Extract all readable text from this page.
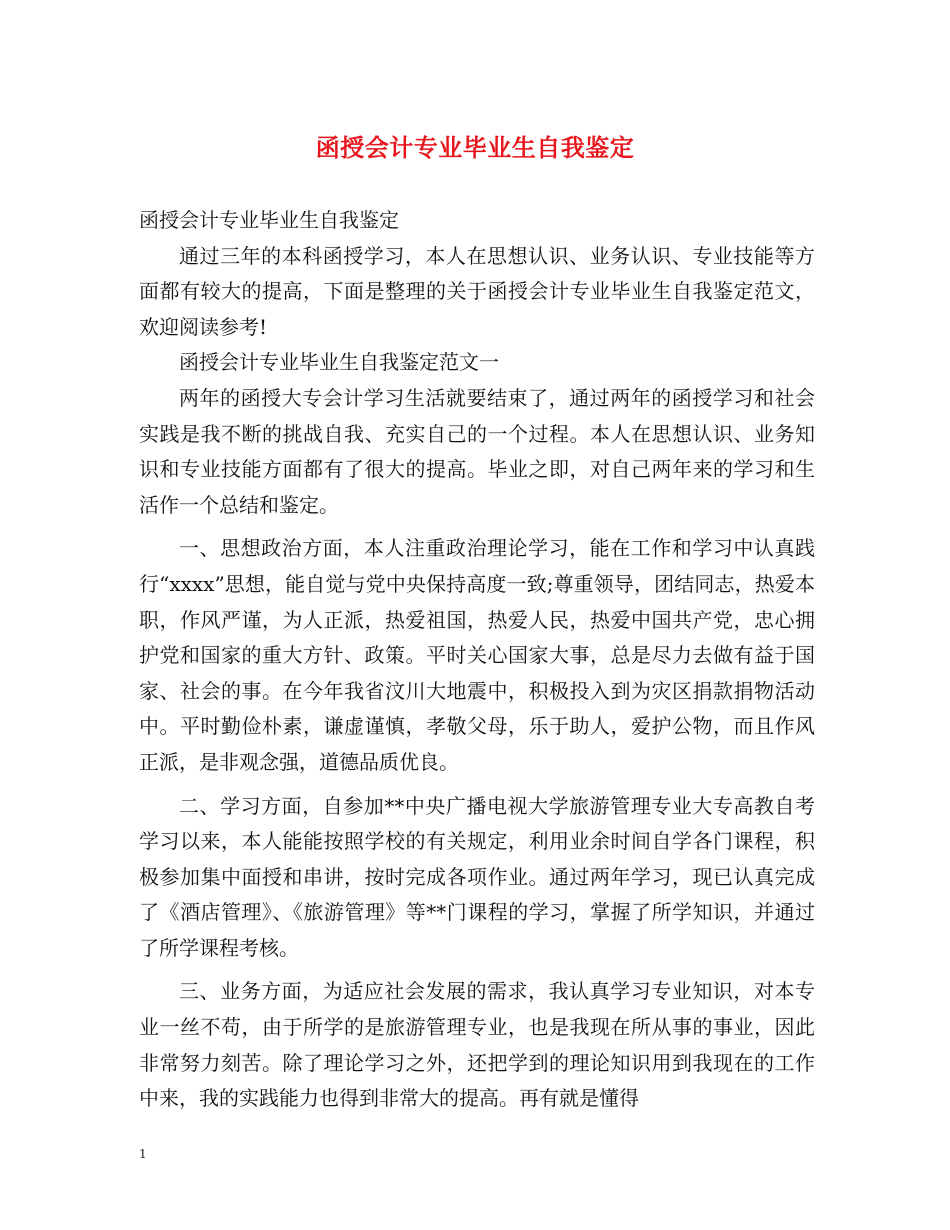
函授会计专业毕业生自我鉴定

函授会计专业毕业生自我鉴定

通过三年的本科函授学习，本人在思想认识、业务认识、专业技能等方面都有较大的提高，下面是整理的关于函授会计专业毕业生自我鉴定范文，欢迎阅读参考!

函授会计专业毕业生自我鉴定范文一

两年的函授大专会计学习生活就要结束了，通过两年的函授学习和社会实践是我不断的挑战自我、充实自己的一个过程。本人在思想认识、业务知识和专业技能方面都有了很大的提高。毕业之即，对自己两年来的学习和生活作一个总结和鉴定。

一、思想政治方面，本人注重政治理论学习，能在工作和学习中认真践行“xxxx”思想，能自觉与党中央保持高度一致;尊重领导，团结同志，热爱本职，作风严谨，为人正派，热爱祖国，热爱人民，热爱中国共产党，忠心拥护党和国家的重大方针、政策。平时关心国家大事，总是尽力去做有益于国家、社会的事。在今年我省汶川大地震中，积极投入到为灾区捐款捐物活动中。平时勤俭朴素，谦虚谨慎，孝敬父母，乐于助人，爱护公物，而且作风正派，是非观念强，道德品质优良。

二、学习方面，自参加**中央广播电视大学旅游管理专业大专高教自考学习以来，本人能能按照学校的有关规定，利用业余时间自学各门课程，积极参加集中面授和串讲，按时完成各项作业。通过两年学习，现已认真完成了《酒店管理》、《旅游管理》等**门课程的学习，掌握了所学知识，并通过了所学课程考核。

三、业务方面，为适应社会发展的需求，我认真学习专业知识，对本专业一丝不苟，由于所学的是旅游管理专业，也是我现在所从事的事业，因此非常努力刻苦。除了理论学习之外，还把学到的理论知识用到我现在的工作中来，我的实践能力也得到非常大的提高。再有就是懂得

1
